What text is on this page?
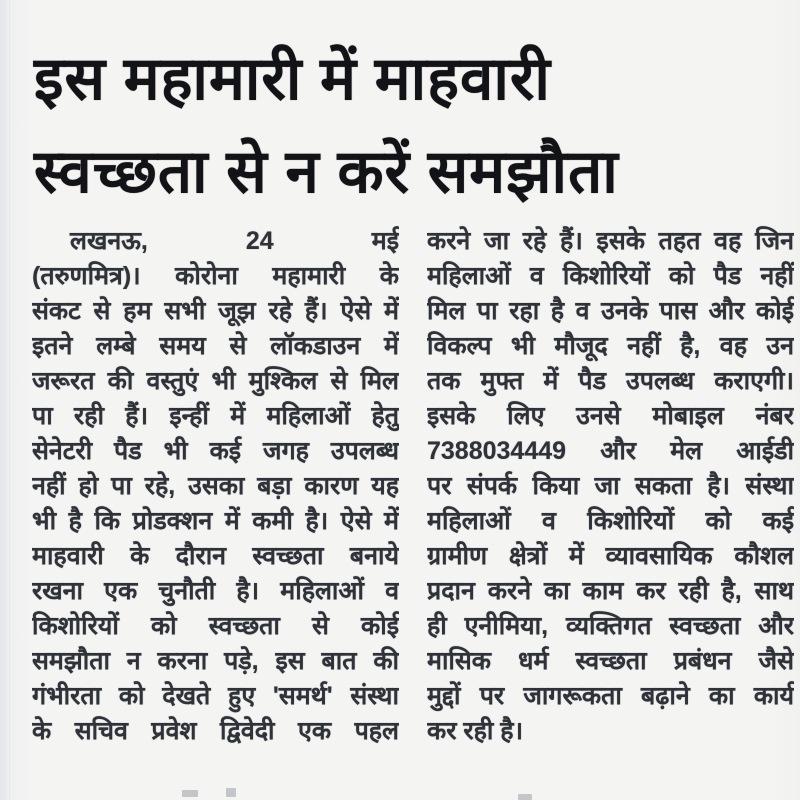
इस महामारी में माहवारी
स्वच्छता से न करें समझौता
लखनऊ, 24 मई
(तरुणमित्र)। कोरोना महामारी के
संकट से हम सभी जूझ रहे हैं। ऐसे में
इतने लम्बे समय से लॉकडाउन में
जरूरत की वस्तुएं भी मुश्किल से मिल
पा रही हैं। इन्हीं में महिलाओं हेतु
सेनेटरी पैड भी कई जगह उपलब्ध
नहीं हो पा रहे, उसका बड़ा कारण यह
भी है कि प्रोडक्शन में कमी है। ऐसे में
माहवारी के दौरान स्वच्छता बनाये
रखना एक चुनौती है। महिलाओं व
किशोरियों को स्वच्छता से कोई
समझौता न करना पड़े, इस बात की
गंभीरता को देखते हुए 'समर्थ' संस्था
के सचिव प्रवेश द्विवेदी एक पहल
करने जा रहे हैं। इसके तहत वह जिन
महिलाओं व किशोरियों को पैड नहीं
मिल पा रहा है व उनके पास और कोई
विकल्प भी मौजूद नहीं है, वह उन
तक मुफ्त में पैड उपलब्ध कराएगी।
इसके लिए उनसे मोबाइल नंबर
7388034449 और मेल आईडी
पर संपर्क किया जा सकता है। संस्था
महिलाओं व किशोरियों को कई
ग्रामीण क्षेत्रों में व्यावसायिक कौशल
प्रदान करने का काम कर रही है, साथ
ही एनीमिया, व्यक्तिगत स्वच्छता और
मासिक धर्म स्वच्छता प्रबंधन जैसे
मुद्दों पर जागरूकता बढ़ाने का कार्य
कर रही है।
